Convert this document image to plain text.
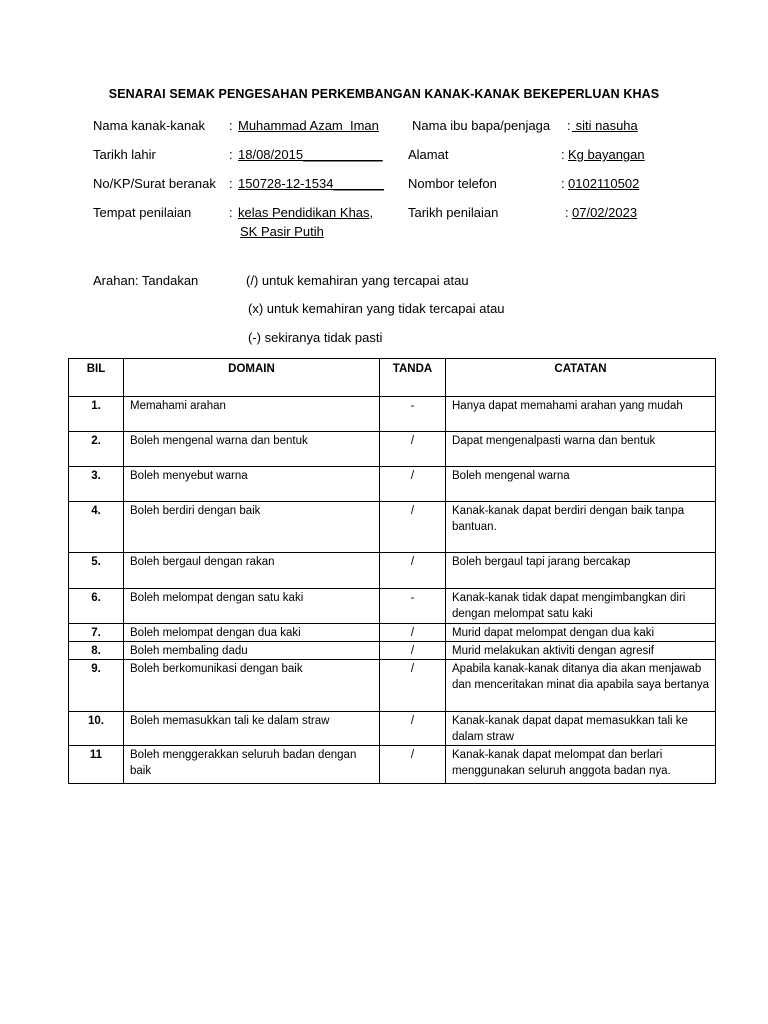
SENARAI SEMAK PENGESAHAN PERKEMBANGAN KANAK-KANAK BEKEPERLUAN KHAS
Nama kanak-kanak : Muhammad Azam  Iman	Nama ibu bapa/penjaga : siti nasuha
Tarikh lahir	: 18/08/2015___________ Alamat	: Kg bayangan
No/KP/Surat beranak : 150728-12-1534_______ Nombor telefon	: 0102110502
Tempat penilaian	: kelas Pendidikan Khas,
SK Pasir Putih
Tarikh penilaian	: 07/02/2023
Arahan: Tandakan	(/) untuk kemahiran yang tercapai atau
(x) untuk kemahiran yang tidak tercapai atau
(-) sekiranya tidak pasti
BIL	DOMAIN	TANDA	CATATAN
1.	Memahami arahan	-	Hanya dapat memahami arahan yang mudah
2.	Boleh mengenal warna dan bentuk	/	Dapat mengenalpasti warna dan bentuk
3.	Boleh menyebut warna	/	Boleh mengenal warna
4.	Boleh berdiri dengan baik	/	Kanak-kanak dapat berdiri dengan baik tanpa bantuan.
5.	Boleh bergaul dengan rakan	/	Boleh bergaul tapi jarang bercakap
6.	Boleh melompat dengan satu kaki	-	Kanak-kanak tidak dapat mengimbangkan diri dengan melompat satu kaki
7.	Boleh melompat dengan dua kaki	/	Murid dapat melompat dengan dua kaki
8.	Boleh membaling dadu	/	Murid melakukan aktiviti dengan agresif
9.	Boleh berkomunikasi dengan baik	/	Apabila kanak-kanak ditanya dia akan menjawab dan menceritakan minat dia apabila saya bertanya
10.	Boleh memasukkan tali ke dalam straw	/	Kanak-kanak dapat dapat memasukkan tali ke dalam straw
11	Boleh menggerakkan seluruh badan dengan baik	/	Kanak-kanak dapat melompat dan berlari menggunakan seluruh anggota badan nya.
